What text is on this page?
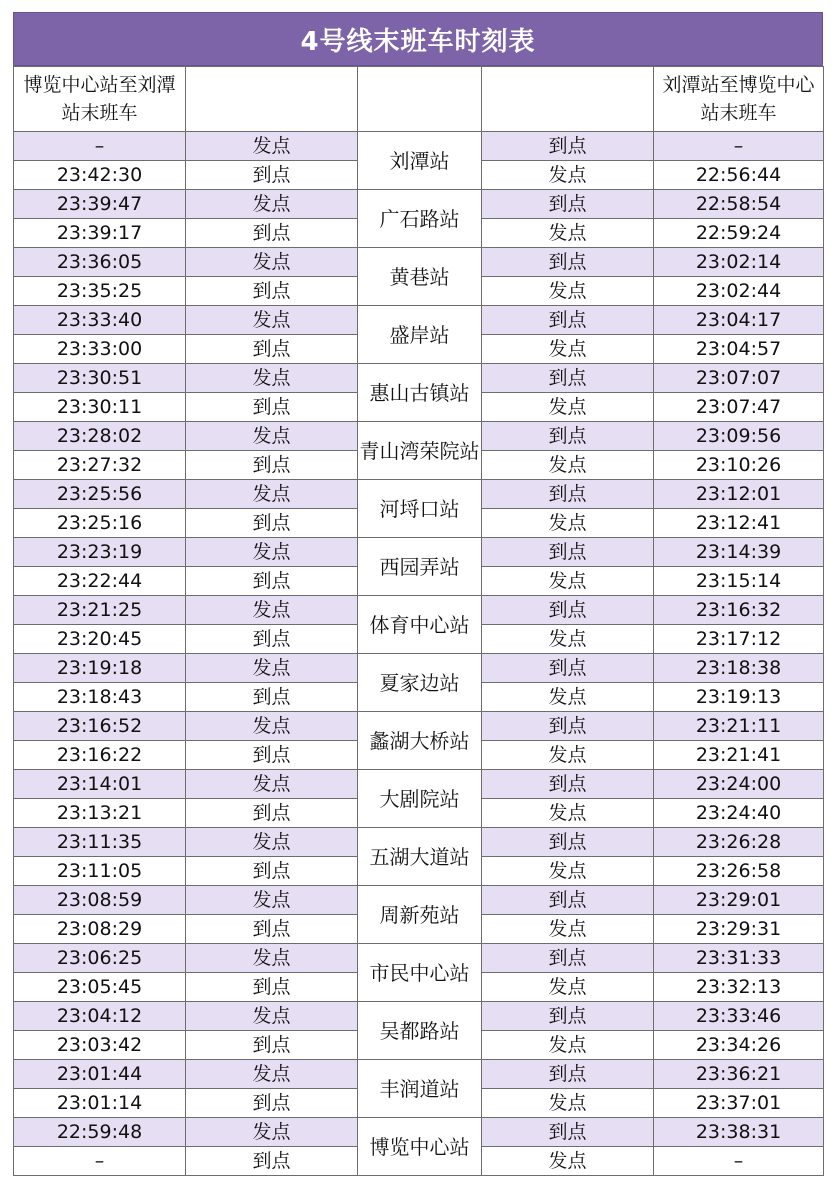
4号线末班车时刻表
博览中心站至刘潭站末班车				刘潭站至博览中心站末班车
–	发点	刘潭站	到点	–
23:42:30	到点		发点	22:56:44
23:39:47	发点	广石路站	到点	22:58:54
23:39:17	到点		发点	22:59:24
23:36:05	发点	黄巷站	到点	23:02:14
23:35:25	到点		发点	23:02:44
23:33:40	发点	盛岸站	到点	23:04:17
23:33:00	到点		发点	23:04:57
23:30:51	发点	惠山古镇站	到点	23:07:07
23:30:11	到点		发点	23:07:47
23:28:02	发点	青山湾荣院站	到点	23:09:56
23:27:32	到点		发点	23:10:26
23:25:56	发点	河埒口站	到点	23:12:01
23:25:16	到点		发点	23:12:41
23:23:19	发点	西园弄站	到点	23:14:39
23:22:44	到点		发点	23:15:14
23:21:25	发点	体育中心站	到点	23:16:32
23:20:45	到点		发点	23:17:12
23:19:18	发点	夏家边站	到点	23:18:38
23:18:43	到点		发点	23:19:13
23:16:52	发点	蠡湖大桥站	到点	23:21:11
23:16:22	到点		发点	23:21:41
23:14:01	发点	大剧院站	到点	23:24:00
23:13:21	到点		发点	23:24:40
23:11:35	发点	五湖大道站	到点	23:26:28
23:11:05	到点		发点	23:26:58
23:08:59	发点	周新苑站	到点	23:29:01
23:08:29	到点		发点	23:29:31
23:06:25	发点	市民中心站	到点	23:31:33
23:05:45	到点		发点	23:32:13
23:04:12	发点	吴都路站	到点	23:33:46
23:03:42	到点		发点	23:34:26
23:01:44	发点	丰润道站	到点	23:36:21
23:01:14	到点		发点	23:37:01
22:59:48	发点	博览中心站	到点	23:38:31
–	到点		发点	–
